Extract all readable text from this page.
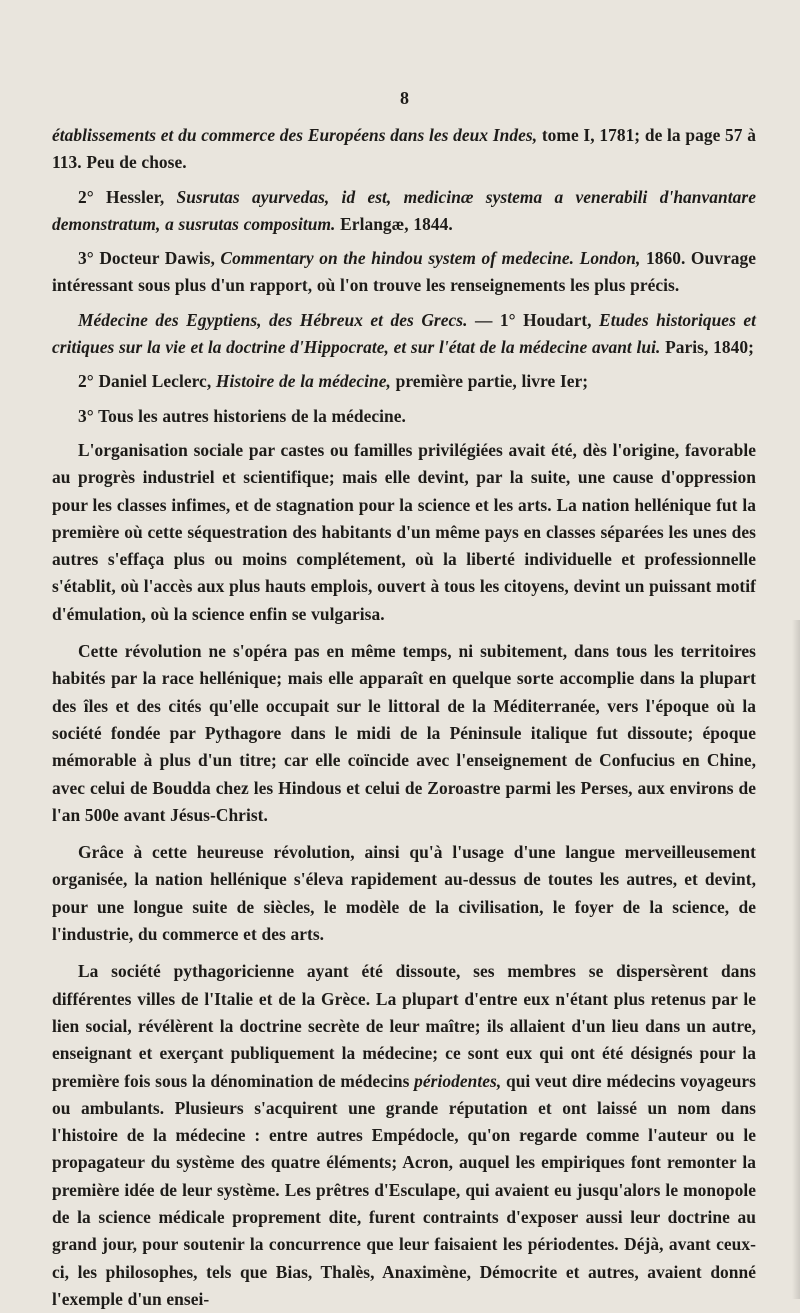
8

établissements et du commerce des Européens dans les deux Indes, tome I, 1781; de la page 57 à 113. Peu de chose.

2° Hessler, Susrutas ayurvedas, id est, medicinæ systema a venerabili d'hanvantare demonstratum, a susrutas compositum. Erlangæ, 1844.

3° Docteur Dawis, Commentary on the hindou system of medecine. London, 1860. Ouvrage intéressant sous plus d'un rapport, où l'on trouve les renseignements les plus précis.

Médecine des Egyptiens, des Hébreux et des Grecs. — 1° Houdart, Etudes historiques et critiques sur la vie et la doctrine d'Hippocrate, et sur l'état de la médecine avant lui. Paris, 1840;

2° Daniel Leclerc, Histoire de la médecine, première partie, livre Ier;

3° Tous les autres historiens de la médecine.

L'organisation sociale par castes ou familles privilégiées avait été, dès l'origine, favorable au progrès industriel et scientifique; mais elle devint, par la suite, une cause d'oppression pour les classes infimes, et de stagnation pour la science et les arts. La nation hellénique fut la première où cette séquestration des habitants d'un même pays en classes séparées les unes des autres s'effaça plus ou moins complétement, où la liberté individuelle et professionnelle s'établit, où l'accès aux plus hauts emplois, ouvert à tous les citoyens, devint un puissant motif d'émulation, où la science enfin se vulgarisa.

Cette révolution ne s'opéra pas en même temps, ni subitement, dans tous les territoires habités par la race hellénique; mais elle apparaît en quelque sorte accomplie dans la plupart des îles et des cités qu'elle occupait sur le littoral de la Méditerranée, vers l'époque où la société fondée par Pythagore dans le midi de la Péninsule italique fut dissoute; époque mémorable à plus d'un titre; car elle coïncide avec l'enseignement de Confucius en Chine, avec celui de Boudda chez les Hindous et celui de Zoroastre parmi les Perses, aux environs de l'an 500e avant Jésus-Christ.

Grâce à cette heureuse révolution, ainsi qu'à l'usage d'une langue merveilleusement organisée, la nation hellénique s'éleva rapidement au-dessus de toutes les autres, et devint, pour une longue suite de siècles, le modèle de la civilisation, le foyer de la science, de l'industrie, du commerce et des arts.

La société pythagoricienne ayant été dissoute, ses membres se dispersèrent dans différentes villes de l'Italie et de la Grèce. La plupart d'entre eux n'étant plus retenus par le lien social, révélèrent la doctrine secrète de leur maître; ils allaient d'un lieu dans un autre, enseignant et exerçant publiquement la médecine; ce sont eux qui ont été désignés pour la première fois sous la dénomination de médecins périodentes, qui veut dire médecins voyageurs ou ambulants. Plusieurs s'acquirent une grande réputation et ont laissé un nom dans l'histoire de la médecine : entre autres Empédocle, qu'on regarde comme l'auteur ou le propagateur du système des quatre éléments; Acron, auquel les empiriques font remonter la première idée de leur système. Les prêtres d'Esculape, qui avaient eu jusqu'alors le monopole de la science médicale proprement dite, furent contraints d'exposer aussi leur doctrine au grand jour, pour soutenir la concurrence que leur faisaient les périodentes. Déjà, avant ceux-ci, les philosophes, tels que Bias, Thalès, Anaximène, Démocrite et autres, avaient donné l'exemple d'un ensei-
